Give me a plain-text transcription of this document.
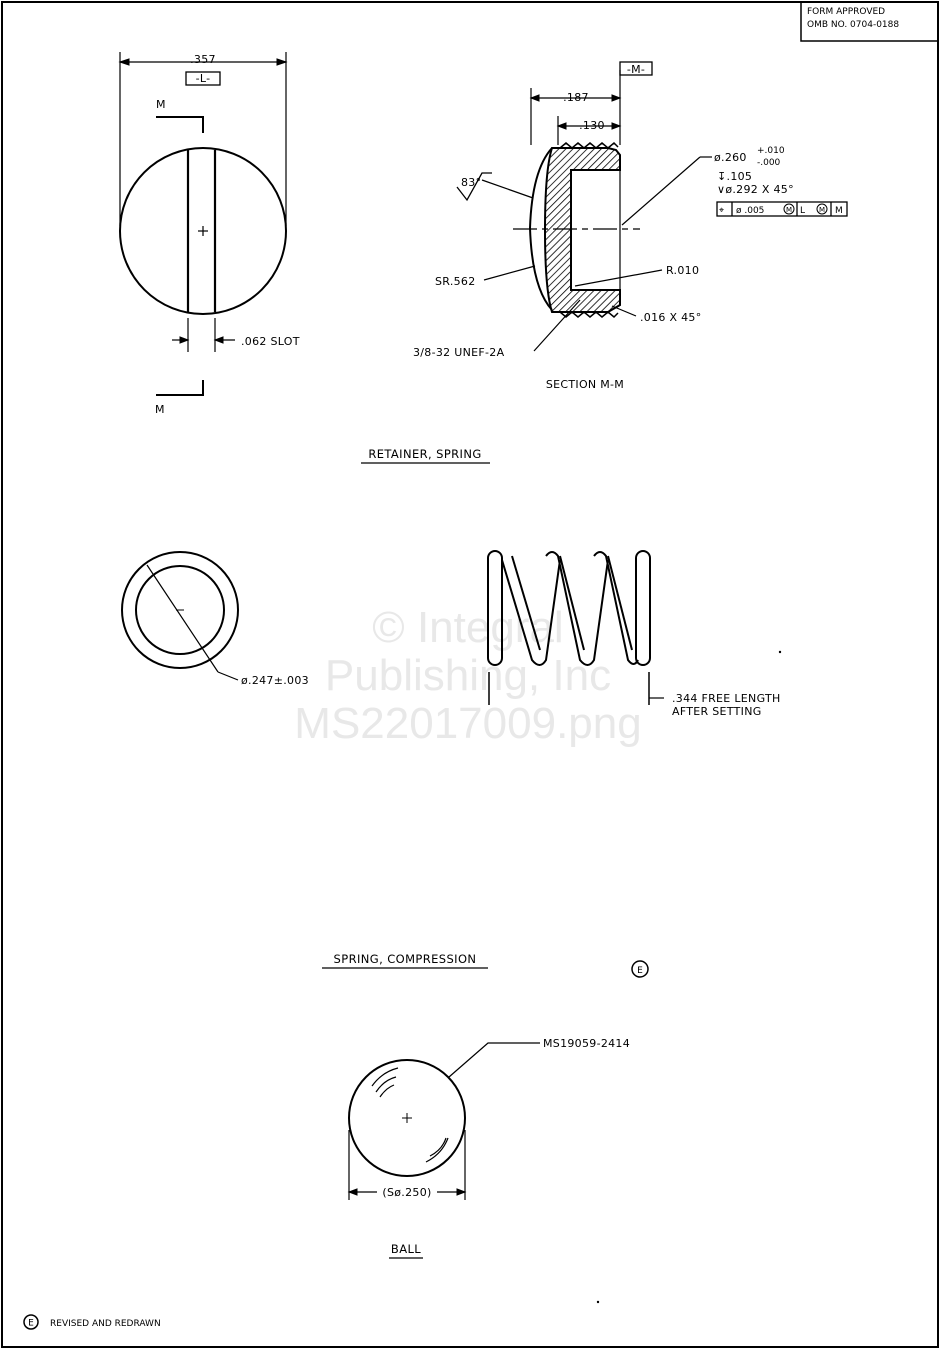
© Integral
Publishing, Inc
MS22017009.png
FORM APPROVED
OMB NO. 0704-0188
.357
-L-
M
M
.062 SLOT
.187
.130
-M-
83°
ø.260 +.010
-.000
↧.105
∨ø.292 X 45°
⌖ ø .005	M L M M
SR.562
R.010
3/8-32 UNEF-2A
.016 X 45°
SECTION M-M
RETAINER, SPRING
ø.247±.003
.344 FREE LENGTH
AFTER SETTING
SPRING, COMPRESSION
E
MS19059-2414
(Sø.250)
BALL
E REVISED AND REDRAWN
